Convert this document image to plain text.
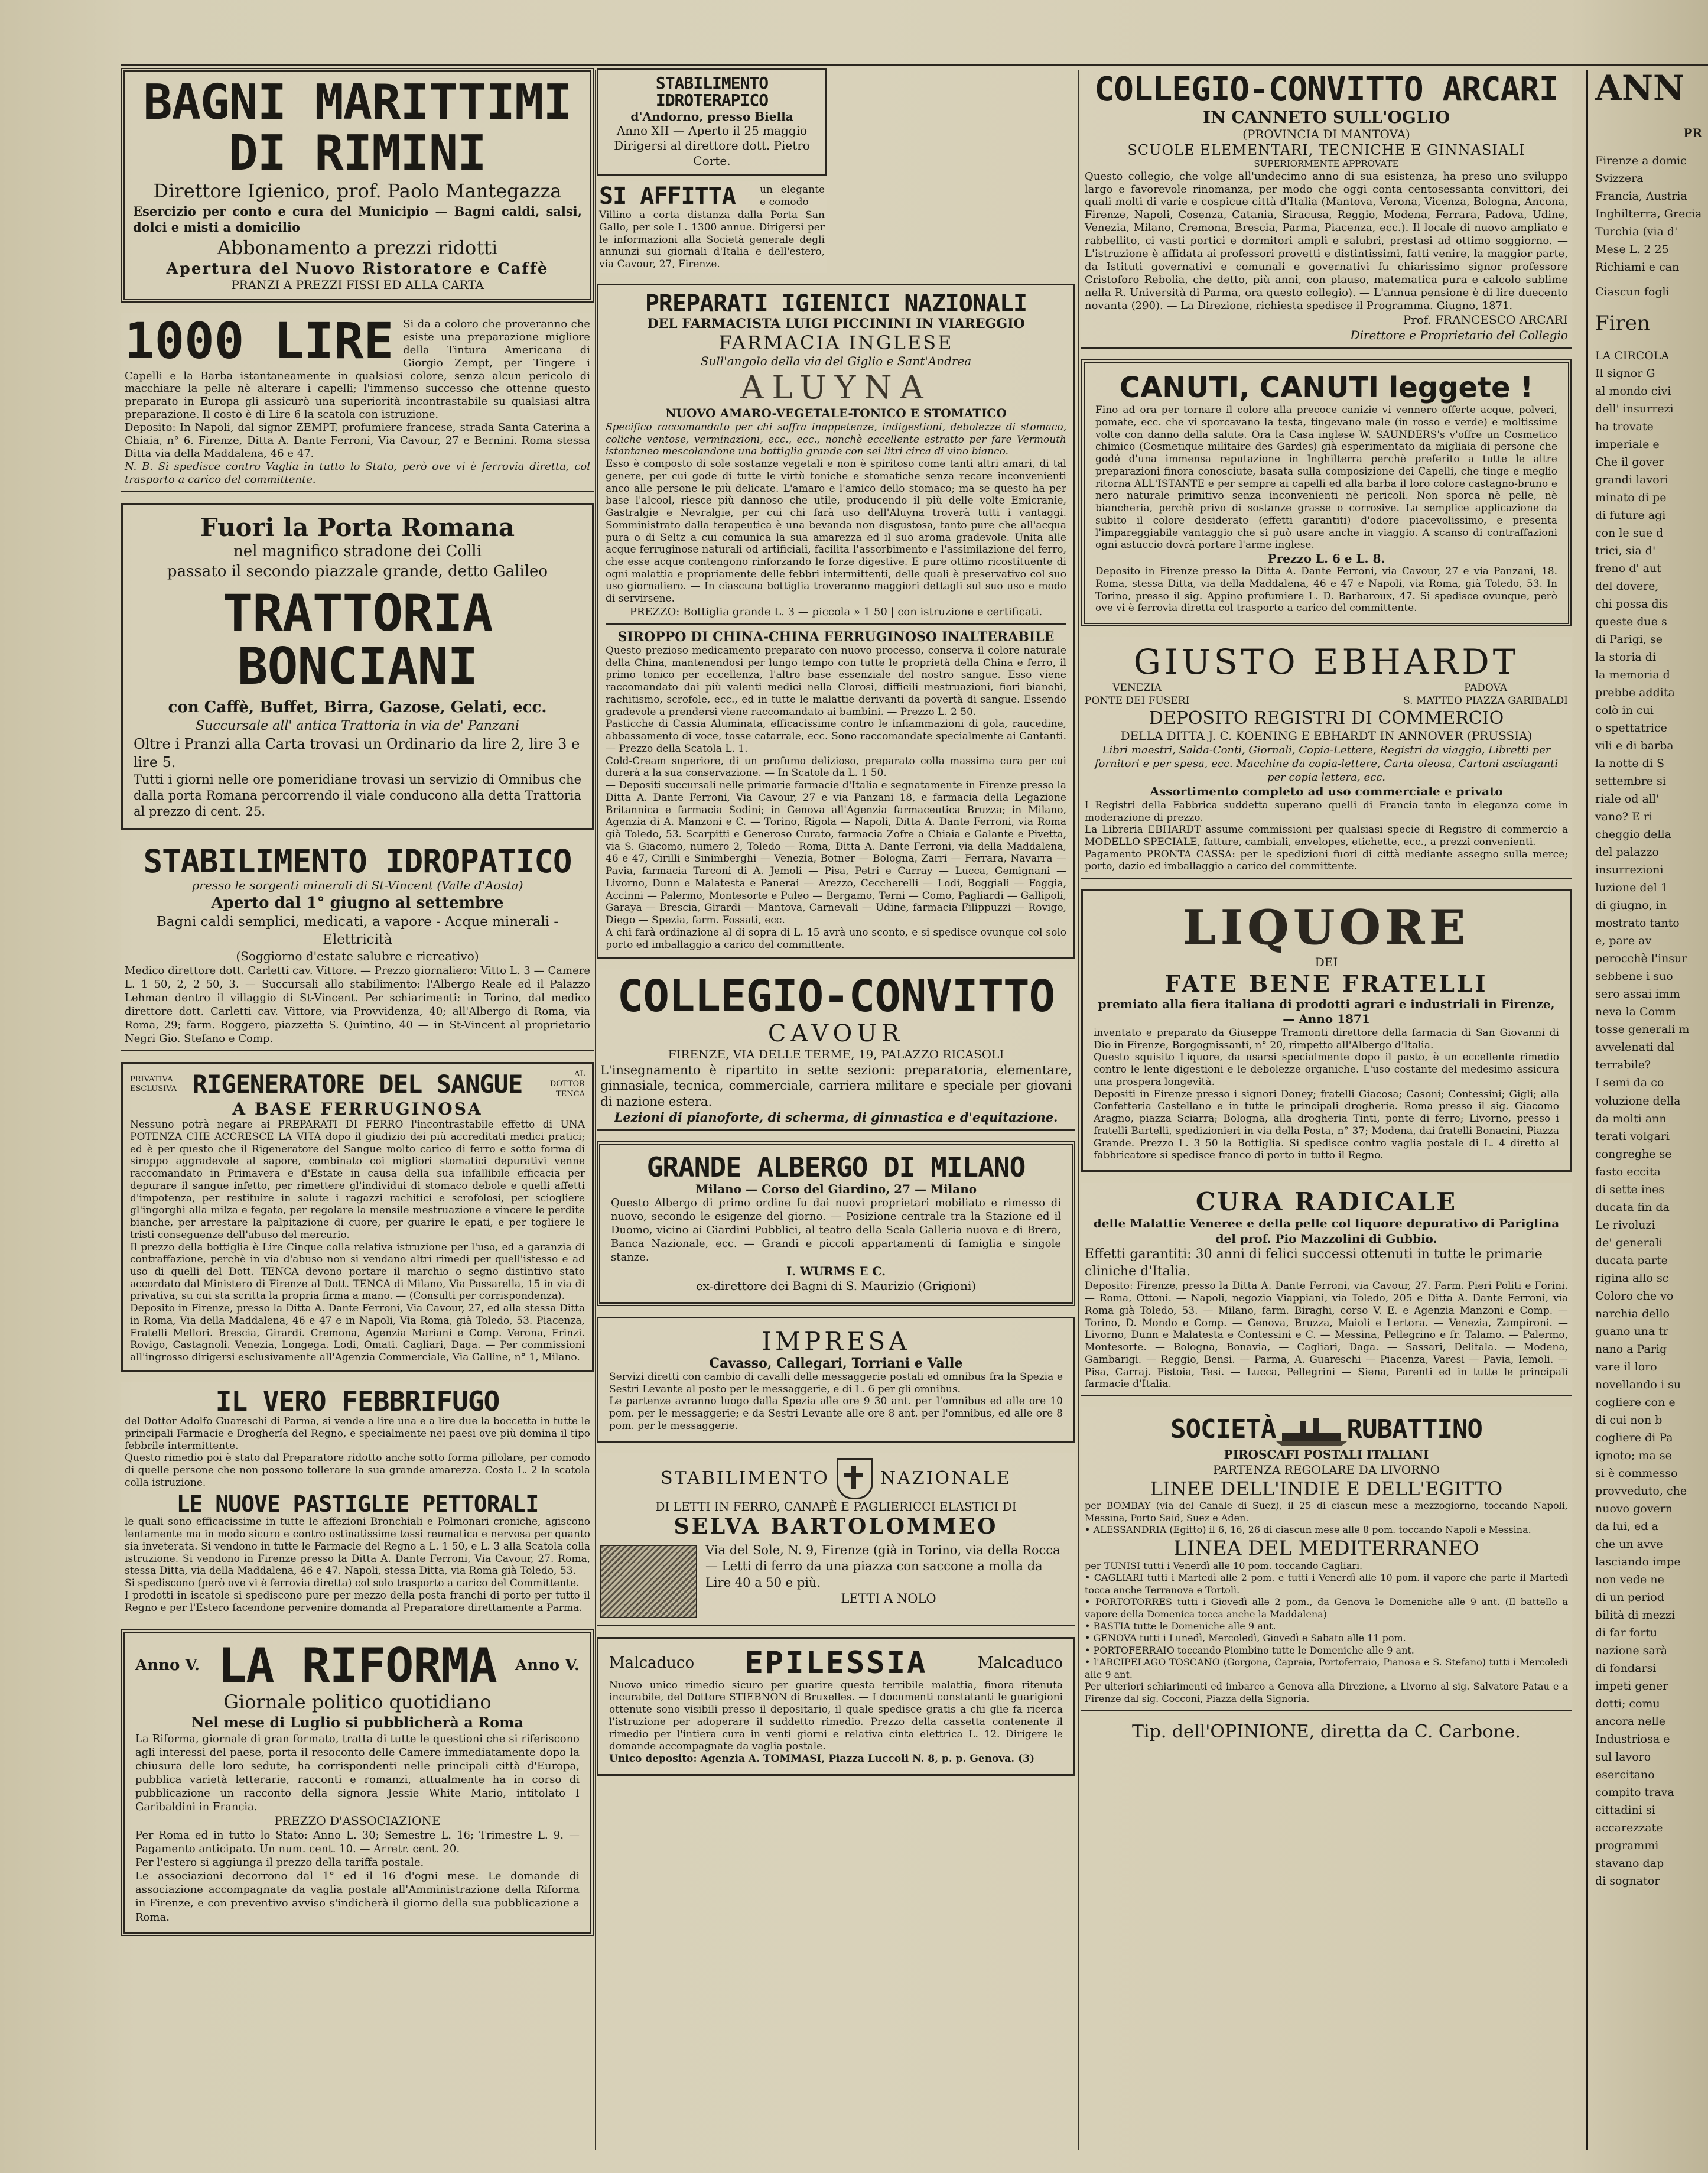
BAGNI MARITTIMI DI RIMINI
Direttore Igienico, prof. Paolo Mantegazza
Esercizio per conto e cura del Municipio — Bagni caldi, salsi, dolci e misti a domicilio
Abbonamento a prezzi ridotti
Apertura del Nuovo Ristoratore e Caffè
PRANZI A PREZZI FISSI ED ALLA CARTA
1000 LIRE Si da a coloro che proveranno che esiste una preparazione migliore della Tintura Americana di Giorgio Zempt, per Tingere i Capelli e la Barba istantaneamente in qualsiasi colore, senza alcun pericolo di macchiare la pelle nè alterare i capelli; l'immenso successo che ottenne questo preparato in Europa gli assicurò una superiorità incontrastabile su qualsiasi altra preparazione. Il costo è di Lire 6 la scatola con istruzione.
Deposito: In Napoli, dal signor ZEMPT, profumiere francese, strada Santa Caterina a Chiaia, n° 6. Firenze, Ditta A. Dante Ferroni, Via Cavour, 27 e Bernini. Roma stessa Ditta via della Maddalena, 46 e 47.
N. B. Si spedisce contro Vaglia in tutto lo Stato, però ove vi è ferrovia diretta, col trasporto a carico del committente.
Fuori la Porta Romana
nel magnifico stradone dei Colli
passato il secondo piazzale grande, detto Galileo
TRATTORIA BONCIANI
con Caffè, Buffet, Birra, Gazose, Gelati, ecc.
Succursale all' antica Trattoria in via de' Panzani
Oltre i Pranzi alla Carta trovasi un Ordinario da lire 2, lire 3 e lire 5.
Tutti i giorni nelle ore pomeridiane trovasi un servizio di Omnibus che dalla porta Romana percorrendo il viale conducono alla detta Trattoria al prezzo di cent. 25.
STABILIMENTO IDROPATICO
presso le sorgenti minerali di St-Vincent (Valle d'Aosta)
Aperto dal 1° giugno al settembre
Bagni caldi semplici, medicati, a vapore - Acque minerali - Elettricità
(Soggiorno d'estate salubre e ricreativo)
Medico direttore dott. Carletti cav. Vittore. — Prezzo giornaliero: Vitto L. 3 — Camere L. 1 50, 2, 2 50, 3. — Succursali allo stabilimento: l'Albergo Reale ed il Palazzo Lehman dentro il villaggio di St-Vincent. Per schiarimenti: in Torino, dal medico direttore dott. Carletti cav. Vittore, via Provvidenza, 40; all'Albergo di Roma, via Roma, 29; farm. Roggero, piazzetta S. Quintino, 40 — in St-Vincent al proprietario Negri Gio. Stefano e Comp.
PRIVATIVA ESCLUSIVA RIGENERATORE DEL SANGUE	AL DOTTOR TENCA
A BASE FERRUGINOSA
Nessuno potrà negare ai PREPARATI DI FERRO l'incontrastabile effetto di UNA POTENZA CHE ACCRESCE LA VITA dopo il giudizio dei più accreditati medici pratici; ed è per questo che il Rigeneratore del Sangue molto carico di ferro e sotto forma di siroppo aggradevole al sapore, combinato coi migliori stomatici depurativi venne raccomandato in Primavera e d'Estate in causa della sua infallibile efficacia per depurare il sangue infetto, per rimettere gl'individui di stomaco debole e quelli affetti d'impotenza, per restituire in salute i ragazzi rachitici e scrofolosi, per sciogliere gl'ingorghi alla milza e fegato, per regolare la mensile mestruazione e vincere le perdite bianche, per arrestare la palpitazione di cuore, per guarire le epati, e per togliere le tristi conseguenze dell'abuso del mercurio.
Il prezzo della bottiglia è Lire Cinque colla relativa istruzione per l'uso, ed a garanzia di contraffazione, perchè in via d'abuso non si vendano altri rimedi per quell'istesso e ad uso di quelli del Dott. TENCA devono portare il marchio o segno distintivo stato accordato dal Ministero di Firenze al Dott. TENCA di Milano, Via Passarella, 15 in via di privativa, su cui sta scritta la propria firma a mano. — (Consulti per corrispondenza).
Deposito in Firenze, presso la Ditta A. Dante Ferroni, Via Cavour, 27, ed alla stessa Ditta in Roma, Via della Maddalena, 46 e 47 e in Napoli, Via Roma, già Toledo, 53. Piacenza, Fratelli Mellori. Brescia, Girardi. Cremona, Agenzia Mariani e Comp. Verona, Frinzi. Rovigo, Castagnoli. Venezia, Longega. Lodi, Omati. Cagliari, Daga. — Per commissioni all'ingrosso dirigersi esclusivamente all'Agenzia Commerciale, Via Galline, n° 1, Milano.
IL VERO FEBBRIFUGO
del Dottor Adolfo Guareschi di Parma, si vende a lire una e a lire due la boccetta in tutte le principali Farmacie e Droghería del Regno, e specialmente nei paesi ove più domina il tipo febbrile intermittente.
Questo rimedio poi è stato dal Preparatore ridotto anche sotto forma pillolare, per comodo di quelle persone che non possono tollerare la sua grande amarezza. Costa L. 2 la scatola colla istruzione.
LE NUOVE PASTIGLIE PETTORALI
le quali sono efficacissime in tutte le affezioni Bronchiali e Polmonari croniche, agiscono lentamente ma in modo sicuro e contro ostinatissime tossi reumatica e nervosa per quanto sia inveterata. Si vendono in tutte le Farmacie del Regno a L. 1 50, e L. 3 alla Scatola colla istruzione. Si vendono in Firenze presso la Ditta A. Dante Ferroni, Via Cavour, 27. Roma, stessa Ditta, via della Maddalena, 46 e 47. Napoli, stessa Ditta, via Roma già Toledo, 53.
Si spediscono (però ove vi è ferrovia diretta) col solo trasporto a carico del Committente.
I prodotti in iscatole si spediscono pure per mezzo della posta franchi di porto per tutto il Regno e per l'Estero facendone pervenire domanda al Preparatore direttamente a Parma.
Anno V. LA RIFORMA Anno V.
Giornale politico quotidiano
Nel mese di Luglio si pubblicherà a Roma
La Riforma, giornale di gran formato, tratta di tutte le questioni che si riferiscono agli interessi del paese, porta il resoconto delle Camere immediatamente dopo la chiusura delle loro sedute, ha corrispondenti nelle principali città d'Europa, pubblica varietà letterarie, racconti e romanzi, attualmente ha in corso di pubblicazione un racconto della signora Jessie White Mario, intitolato I Garibaldini in Francia.
PREZZO D'ASSOCIAZIONE
Per Roma ed in tutto lo Stato: Anno L. 30; Semestre L. 16; Trimestre L. 9. — Pagamento anticipato. Un num. cent. 10. — Arretr. cent. 20.
Per l'estero si aggiunga il prezzo della tariffa postale.
Le associazioni decorrono dal 1° ed il 16 d'ogni mese. Le domande di associazione accompagnate da vaglia postale all'Amministrazione della Riforma in Firenze, e con preventivo avviso s'indicherà il giorno della sua pubblicazione a Roma.
STABILIMENTO IDROTERAPICO
d'Andorno, presso Biella
Anno XII — Aperto il 25 maggio
Dirigersi al direttore dott. Pietro Corte.
SI AFFITTA un elegante e comodo
Villino a corta distanza dalla Porta San Gallo, per sole L. 1300 annue. Dirigersi per le informazioni alla Società generale degli annunzi sui giornali d'Italia e dell'estero, via Cavour, 27, Firenze.
PREPARATI IGIENICI NAZIONALI
DEL FARMACISTA LUIGI PICCININI IN VIAREGGIO
FARMACIA INGLESE
Sull'angolo della via del Giglio e Sant'Andrea
ALUYNA
NUOVO AMARO-VEGETALE-TONICO E STOMATICO
Specifico raccomandato per chi soffra inappetenze, indigestioni, debolezze di stomaco, coliche ventose, verminazioni, ecc., ecc., nonchè eccellente estratto per fare Vermouth istantaneo mescolandone una bottiglia grande con sei litri circa di vino bianco.
Esso è composto di sole sostanze vegetali e non è spiritoso come tanti altri amari, di tal genere, per cui gode di tutte le virtù toniche e stomatiche senza recare inconvenienti anco alle persone le più delicate. L'amaro e l'amico dello stomaco; ma se questo ha per base l'alcool, riesce più dannoso che utile, producendo il più delle volte Emicranie, Gastralgie e Nevralgie, per cui chi farà uso dell'Aluyna troverà tutti i vantaggi. Somministrato dalla terapeutica è una bevanda non disgustosa, tanto pure che all'acqua pura o di Seltz a cui comunica la sua amarezza ed il suo aroma gradevole. Unita alle acque ferruginose naturali od artificiali, facilita l'assorbimento e l'assimilazione del ferro, che esse acque contengono rinforzando le forze digestive. E pure ottimo ricostituente di ogni malattia e propriamente delle febbri intermittenti, delle quali è preservativo col suo uso giornaliero. — In ciascuna bottiglia troveranno maggiori dettagli sul suo uso e modo di servirsene.
PREZZO: Bottiglia grande L. 3 — piccola » 1 50 | con istruzione e certificati.
SIROPPO DI CHINA-CHINA FERRUGINOSO INALTERABILE
Questo prezioso medicamento preparato con nuovo processo, conserva il colore naturale della China, mantenendosi per lungo tempo con tutte le proprietà della China e ferro, il primo tonico per eccellenza, l'altro base essenziale del nostro sangue. Esso viene raccomandato dai più valenti medici nella Clorosi, difficili mestruazioni, fiori bianchi, rachitismo, scrofole, ecc., ed in tutte le malattie derivanti da povertà di sangue. Essendo gradevole a prendersi viene raccomandato ai bambini. — Prezzo L. 2 50.
Pasticche di Cassia Aluminata, efficacissime contro le infiammazioni di gola, raucedine, abbassamento di voce, tosse catarrale, ecc. Sono raccomandate specialmente ai Cantanti. — Prezzo della Scatola L. 1.
Cold-Cream superiore, di un profumo delizioso, preparato colla massima cura per cui durerà a la sua conservazione. — In Scatole da L. 1 50.
— Depositi succursali nelle primarie farmacie d'Italia e segnatamente in Firenze presso la Ditta A. Dante Ferroni, Via Cavour, 27 e via Panzani 18, e farmacia della Legazione Britannica e farmacia Sodini; in Genova all'Agenzia farmaceutica Bruzza; in Milano, Agenzia di A. Manzoni e C. — Torino, Rigola — Napoli, Ditta A. Dante Ferroni, via Roma già Toledo, 53. Scarpitti e Generoso Curato, farmacia Zofre a Chiaia e Galante e Pivetta, via S. Giacomo, numero 2, Toledo — Roma, Ditta A. Dante Ferroni, via della Maddalena, 46 e 47, Cirilli e Sinimberghi — Venezia, Botner — Bologna, Zarri — Ferrara, Navarra — Pavia, farmacia Tarconi di A. Jemoli — Pisa, Petri e Carray — Lucca, Gemignani — Livorno, Dunn e Malatesta e Panerai — Arezzo, Ceccherelli — Lodi, Boggiali — Foggia, Accinni — Palermo, Montesorte e Puleo — Bergamo, Terni — Como, Pagliardi — Gallipoli, Garaya — Brescia, Girardi — Mantova, Carnevali — Udine, farmacia Filippuzzi — Rovigo, Diego — Spezia, farm. Fossati, ecc.
A chi farà ordinazione al di sopra di L. 15 avrà uno sconto, e si spedisce ovunque col solo porto ed imballaggio a carico del committente.
COLLEGIO-CONVITTO
CAVOUR
FIRENZE, VIA DELLE TERME, 19, PALAZZO RICASOLI
L'insegnamento è ripartito in sette sezioni: preparatoria, elementare, ginnasiale, tecnica, commerciale, carriera militare e speciale per giovani di nazione estera.
Lezioni di pianoforte, di scherma, di ginnastica e d'equitazione.
GRANDE ALBERGO DI MILANO
Milano — Corso del Giardino, 27 — Milano
Questo Albergo di primo ordine fu dai nuovi proprietari mobiliato e rimesso di nuovo, secondo le esigenze del giorno. — Posizione centrale tra la Stazione ed il Duomo, vicino ai Giardini Pubblici, al teatro della Scala Galleria nuova e di Brera, Banca Nazionale, ecc. — Grandi e piccoli appartamenti di famiglia e singole stanze.
I. WURMS E C.
ex-direttore dei Bagni di S. Maurizio (Grigioni)
IMPRESA
Cavasso, Callegari, Torriani e Valle
Servizi diretti con cambio di cavalli delle messaggerie postali ed omnibus fra la Spezia e Sestri Levante al posto per le messaggerie, e di L. 6 per gli omnibus.
Le partenze avranno luogo dalla Spezia alle ore 9 30 ant. per l'omnibus ed alle ore 10 pom. per le messaggerie; e da Sestri Levante alle ore 8 ant. per l'omnibus, ed alle ore 8 pom. per le messaggerie.
STABILIMENTO	NAZIONALE
DI LETTI IN FERRO, CANAPÈ E PAGLIERICCI ELASTICI DI
SELVA BARTOLOMMEO
Via del Sole, N. 9, Firenze (già in Torino, via della Rocca — Letti di ferro da una piazza con saccone a molla da Lire 40 a 50 e più.
LETTI A NOLO
Malcaduco EPILESSIA	Malcaduco
Nuovo unico rimedio sicuro per guarire questa terribile malattia, finora ritenuta incurabile, del Dottore STIEBNON di Bruxelles. — I documenti constatanti le guarigioni ottenute sono visibili presso il depositario, il quale spedisce gratis a chi glie fa ricerca l'istruzione per adoperare il suddetto rimedio. Prezzo della cassetta contenente il rimedio per l'intiera cura in venti giorni e relativa cinta elettrica L. 12. Dirigere le domande accompagnate da vaglia postale.
Unico deposito: Agenzia A. TOMMASI, Piazza Luccoli N. 8, p. p. Genova. (3)
COLLEGIO-CONVITTO ARCARI
IN CANNETO SULL'OGLIO
(PROVINCIA DI MANTOVA)
SCUOLE ELEMENTARI, TECNICHE E GINNASIALI
SUPERIORMENTE APPROVATE
Questo collegio, che volge all'undecimo anno di sua esistenza, ha preso uno sviluppo largo e favorevole rinomanza, per modo che oggi conta centosessanta convittori, dei quali molti di varie e cospicue città d'Italia (Mantova, Verona, Vicenza, Bologna, Ancona, Firenze, Napoli, Cosenza, Catania, Siracusa, Reggio, Modena, Ferrara, Padova, Udine, Venezia, Milano, Cremona, Brescia, Parma, Piacenza, ecc.). Il locale di nuovo ampliato e rabbellito, ci vasti portici e dormitori ampli e salubri, prestasi ad ottimo soggiorno. — L'istruzione è affidata ai professori provetti e distintissimi, fatti venire, la maggior parte, da Istituti governativi e comunali e governativi fu chiarissimo signor professore Cristoforo Rebolia, che detto, più anni, con plauso, matematica pura e calcolo sublime nella R. Università di Parma, ora questo collegio). — L'annua pensione è di lire duecento novanta (290). — La Direzione, richiesta spedisce il Programma. Giugno, 1871.
Prof. FRANCESCO ARCARI
Direttore e Proprietario del Collegio
CANUTI, CANUTI leggete !
Fino ad ora per tornare il colore alla precoce canizie vi vennero offerte acque, polveri, pomate, ecc. che vi sporcavano la testa, tingevano male (in rosso e verde) e moltissime volte con danno della salute. Ora la Casa inglese W. SAUNDERS's v'offre un Cosmetico chimico (Cosmetique militaire des Gardes) già esperimentato da migliaia di persone che godé d'una immensa reputazione in Inghilterra perchè preferito a tutte le altre preparazioni finora conosciute, basata sulla composizione dei Capelli, che tinge e meglio ritorna ALL'ISTANTE e per sempre ai capelli ed alla barba il loro colore castagno-bruno e nero naturale primitivo senza inconvenienti nè pericoli. Non sporca nè pelle, nè biancheria, perchè privo di sostanze grasse o corrosive. La semplice applicazione da subito il colore desiderato (effetti garantiti) d'odore piacevolissimo, e presenta l'impareggiabile vantaggio che si può usare anche in viaggio. A scanso di contraffazioni ogni astuccio dovrà portare l'arme inglese.
Prezzo L. 6 e L. 8.
Deposito in Firenze presso la Ditta A. Dante Ferroni, via Cavour, 27 e via Panzani, 18. Roma, stessa Ditta, via della Maddalena, 46 e 47 e Napoli, via Roma, già Toledo, 53. In Torino, presso il sig. Appino profumiere L. D. Barbaroux, 47. Si spedisce ovunque, però ove vi è ferrovia diretta col trasporto a carico del committente.
GIUSTO EBHARDT
VENEZIA
PONTE DEI FUSERI
PADOVA
S. MATTEO PIAZZA GARIBALDI
DEPOSITO REGISTRI DI COMMERCIO
DELLA DITTA J. C. KOENING E EBHARDT IN ANNOVER (PRUSSIA)
Libri maestri, Salda-Conti, Giornali, Copia-Lettere, Registri da viaggio, Libretti per fornitori e per spesa, ecc. Macchine da copia-lettere, Carta oleosa, Cartoni asciuganti per copia lettera, ecc.
Assortimento completo ad uso commerciale e privato
I Registri della Fabbrica suddetta superano quelli di Francia tanto in eleganza come in moderazione di prezzo.
La Libreria EBHARDT assume commissioni per qualsiasi specie di Registro di commercio a MODELLO SPECIALE, fatture, cambiali, envelopes, etichette, ecc., a prezzi convenienti.
Pagamento PRONTA CASSA: per le spedizioni fuori di città mediante assegno sulla merce; porto, dazio ed imballaggio a carico del committente.
LIQUORE
DEI
FATE BENE FRATELLI
premiato alla fiera italiana di prodotti agrari e industriali in Firenze, — Anno 1871
inventato e preparato da Giuseppe Tramonti direttore della farmacia di San Giovanni di Dio in Firenze, Borgognissanti, n° 20, rimpetto all'Albergo d'Italia.
Questo squisito Liquore, da usarsi specialmente dopo il pasto, è un eccellente rimedio contro le lente digestioni e le debolezze organiche. L'uso costante del medesimo assicura una prospera longevità.
Depositi in Firenze presso i signori Doney; fratelli Giacosa; Casoni; Contessini; Gigli; alla Confetteria Castellano e in tutte le principali drogherie. Roma presso il sig. Giacomo Aragno, piazza Sciarra; Bologna, alla drogheria Tinti, ponte di ferro; Livorno, presso i fratelli Bartelli, spedizionieri in via della Posta, n° 37; Modena, dai fratelli Bonacini, Piazza Grande. Prezzo L. 3 50 la Bottiglia. Si spedisce contro vaglia postale di L. 4 diretto al fabbricatore si spedisce franco di porto in tutto il Regno.
CURA RADICALE
delle Malattie Veneree e della pelle col liquore depurativo di Pariglina del prof. Pio Mazzolini di Gubbio.
Effetti garantiti: 30 anni di felici successi ottenuti in tutte le primarie cliniche d'Italia.
Deposito: Firenze, presso la Ditta A. Dante Ferroni, via Cavour, 27. Farm. Pieri Politi e Forini. — Roma, Ottoni. — Napoli, negozio Viappiani, via Toledo, 205 e Ditta A. Dante Ferroni, via Roma già Toledo, 53. — Milano, farm. Biraghi, corso V. E. e Agenzia Manzoni e Comp. — Torino, D. Mondo e Comp. — Genova, Bruzza, Maioli e Lertora. — Venezia, Zampironi. — Livorno, Dunn e Malatesta e Contessini e C. — Messina, Pellegrino e fr. Talamo. — Palermo, Montesorte. — Bologna, Bonavia, — Cagliari, Daga. — Sassari, Delitala. — Modena, Gambarigi. — Reggio, Bensi. — Parma, A. Guareschi — Piacenza, Varesi — Pavia, Iemoli. — Pisa, Carraj. Pistoia, Tesi. — Lucca, Pellegrini — Siena, Parenti ed in tutte le principali farmacie d'Italia.
SOCIETÀ	RUBATTINO
PIROSCAFI POSTALI ITALIANI
PARTENZA REGOLARE DA LIVORNO
LINEE DELL'INDIE E DELL'EGITTO
per BOMBAY (via del Canale di Suez), il 25 di ciascun mese a mezzogiorno, toccando Napoli, Messina, Porto Said, Suez e Aden.
• ALESSANDRIA (Egitto) il 6, 16, 26 di ciascun mese alle 8 pom. toccando Napoli e Messina.
LINEA DEL MEDITERRANEO
per TUNISI tutti i Venerdì alle 10 pom. toccando Cagliari.
• CAGLIARI tutti i Martedì alle 2 pom. e tutti i Venerdì alle 10 pom. il vapore che parte il Martedì tocca anche Terranova e Tortolì.
• PORTOTORRES tutti i Giovedì alle 2 pom., da Genova le Domeniche alle 9 ant. (Il battello a vapore della Domenica tocca anche la Maddalena)
• BASTIA tutte le Domeniche alle 9 ant.
• GENOVA tutti i Lunedì, Mercoledì, Giovedì e Sabato alle 11 pom.
• PORTOFERRAIO toccando Piombino tutte le Domeniche alle 9 ant.
• l'ARCIPELAGO TOSCANO (Gorgona, Capraia, Portoferraio, Pianosa e S. Stefano) tutti i Mercoledì alle 9 ant.
Per ulteriori schiarimenti ed imbarco a Genova alla Direzione, a Livorno al sig. Salvatore Patau e a Firenze dal sig. Cocconi, Piazza della Signoria.
Tip. dell'OPINIONE, diretta da C. Carbone.
ANN
PR

Firenze a domic

Svizzera

Francia, Austria

Inghilterra, Grecia

Turchia (via d'

Mese L. 2 25

Richiami e can

Ciascun fogli

Firen

LA CIRCOLA

Il signor G

al mondo civi

dell' insurrezi

ha trovate

imperiale e

Che il gover

grandi lavori

minato di pe

di future agi

con le sue d

trici, sia d'

freno d' aut

del dovere,

chi possa dis

queste due s

di Parigi, se

la storia di

la memoria d

prebbe addita

colò in cui

o spettatrice

vili e di barba

la notte di S

settembre si

riale od all'

vano? E ri

cheggio della

del palazzo

insurrezioni

luzione del 1

di giugno, in

mostrato tanto

e, pare av

perocchè l'insur

sebbene i suo

sero assai imm

neva la Comm

tosse generali m

avvelenati dal

terrabile?

I semi da co

voluzione della

da molti ann

terati volgari

congreghe se

fasto eccita

di sette ines

ducata fin da

Le rivoluzi

de' generali

ducata parte

rigina allo sc

Coloro che vo

narchia dello

guano una tr

nano a Parig

vare il loro

novellando i su

cogliere con e

di cui non b

cogliere di Pa

ignoto; ma se

si è commesso

provveduto, che

nuovo govern

da lui, ed a

che un avve

lasciando impe

non vede ne

di un period

bilità di mezzi

di far fortu

nazione sarà

di fondarsi

impeti gener

dotti; comu

ancora nelle

Industriosa e

sul lavoro

esercitano

compito trava

cittadini si

accarezzate

programmi

stavano dap

di sognator
